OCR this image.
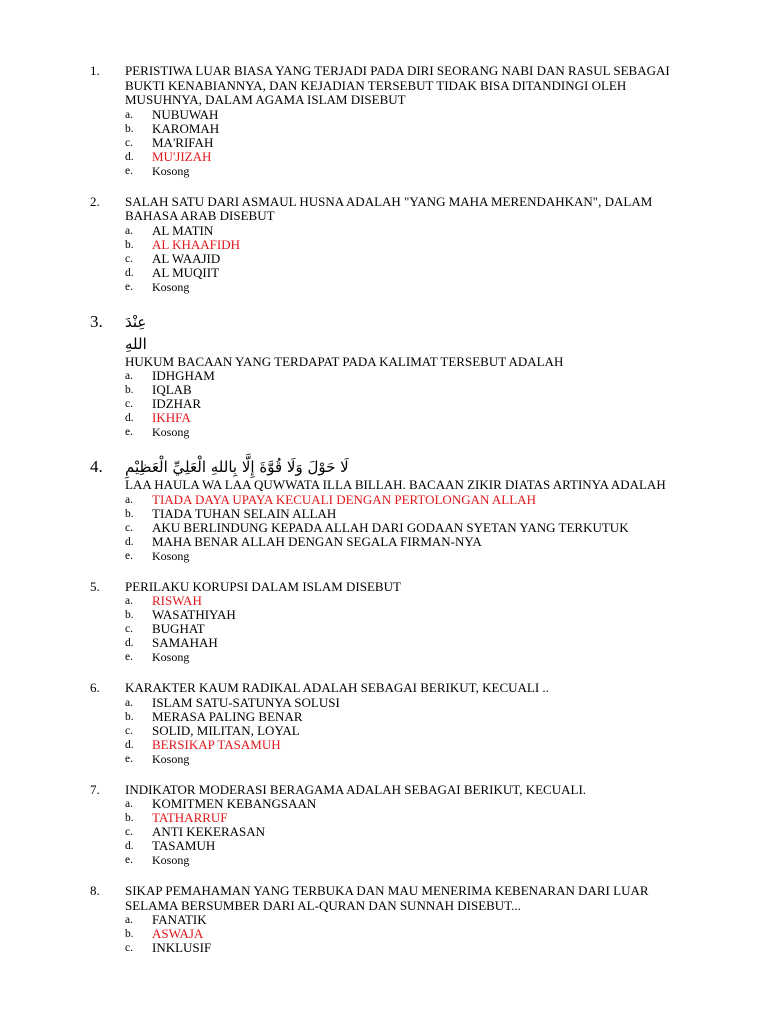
1. PERISTIWA LUAR BIASA YANG TERJADI PADA DIRI SEORANG NABI DAN RASUL SEBAGAI BUKTI KENABIANNYA, DAN KEJADIAN TERSEBUT TIDAK BISA DITANDINGI OLEH MUSUHNYA, DALAM AGAMA ISLAM DISEBUT
a. NUBUWAH
b. KAROMAH
c. MA'RIFAH
d. MU'JIZAH
e. Kosong
2. SALAH SATU DARI ASMAUL HUSNA ADALAH "YANG MAHA MERENDAHKAN", DALAM BAHASA ARAB DISEBUT
a. AL MATIN
b. AL KHAAFIDH
c. AL WAAJID
d. AL MUQIIT
e. Kosong
3. عِنْدَ اللهِ
HUKUM BACAAN YANG TERDAPAT PADA KALIMAT TERSEBUT ADALAH
a. IDHGHAM
b. IQLAB
c. IDZHAR
d. IKHFA
e. Kosong
4. لَا حَوْلَ وَلَا قُوَّةَ إِلَّا بِاللهِ الْعَلِيِّ الْعَظِيْمِ
LAA HAULA WA LAA QUWWATA ILLA BILLAH. BACAAN ZIKIR DIATAS ARTINYA ADALAH
a. TIADA DAYA UPAYA KECUALI DENGAN PERTOLONGAN ALLAH
b. TIADA TUHAN SELAIN ALLAH
c. AKU BERLINDUNG KEPADA ALLAH DARI GODAAN SYETAN YANG TERKUTUK
d. MAHA BENAR ALLAH DENGAN SEGALA FIRMAN-NYA
e. Kosong
5. PERILAKU KORUPSI DALAM ISLAM DISEBUT
a. RISWAH
b. WASATHIYAH
c. BUGHAT
d. SAMAHAH
e. Kosong
6. KARAKTER KAUM RADIKAL ADALAH SEBAGAI BERIKUT, KECUALI ..
a. ISLAM SATU-SATUNYA SOLUSI
b. MERASA PALING BENAR
c. SOLID, MILITAN, LOYAL
d. BERSIKAP TASAMUH
e. Kosong
7. INDIKATOR MODERASI BERAGAMA ADALAH SEBAGAI BERIKUT, KECUALI.
a. KOMITMEN KEBANGSAAN
b. TATHARRUF
c. ANTI KEKERASAN
d. TASAMUH
e. Kosong
8. SIKAP PEMAHAMAN YANG TERBUKA DAN MAU MENERIMA KEBENARAN DARI LUAR SELAMA BERSUMBER DARI AL-QURAN DAN SUNNAH DISEBUT...
a. FANATIK
b. ASWAJA
c. INKLUSIF
